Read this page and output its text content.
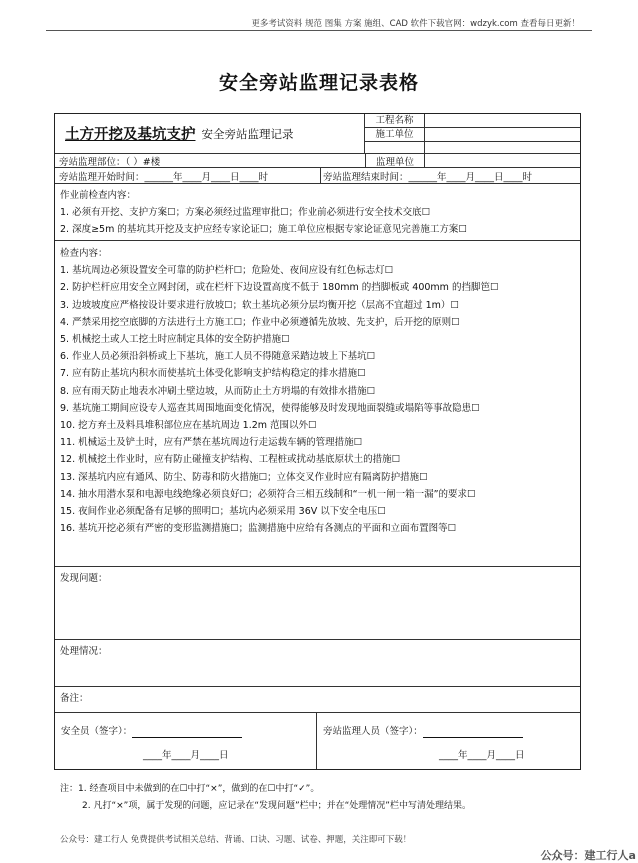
更多考试资料 规范 图集 方案 施组、CAD 软件下载官网：wdzyk.com 查看每日更新！
安全旁站监理记录表格
土方开挖及基坑支护 安全旁站监理记录
工程名称
施工单位
旁站监理部位：（ ）#楼	监理单位
旁站监理开始时间：______年____月____日____时	旁站监理结束时间：______年____月____日____时
作业前检查内容：
1. 必须有开挖、支护方案☐；方案必须经过监理审批☐；作业前必须进行安全技术交底☐
2. 深度≥5m 的基坑其开挖及支护应经专家论证☐；施工单位应根据专家论证意见完善施工方案☐
检查内容：
1. 基坑周边必须设置安全可靠的防护栏杆☐；危险处、夜间应设有红色标志灯☐
2. 防护栏杆应用安全立网封闭，或在栏杆下边设置高度不低于 180mm 的挡脚板或 400mm 的挡脚笆☐
3. 边坡坡度应严格按设计要求进行放坡☐；软土基坑必须分层均衡开挖（层高不宜超过 1m）☐
4. 严禁采用挖空底脚的方法进行土方施工☐；作业中必须遵循先放坡、先支护，后开挖的原则☐
5. 机械挖土或人工挖土时应制定具体的安全防护措施☐
6. 作业人员必须沿斜桥或上下基坑，施工人员不得随意采踏边坡上下基坑☐
7. 应有防止基坑内积水而使基坑土体受化影响支护结构稳定的排水措施☐
8. 应有雨天防止地表水冲刷土壁边坡，从而防止土方坍塌的有效排水措施☐
9. 基坑施工期间应设专人巡查其周围地面变化情况，使得能够及时发现地面裂缝或塌陷等事故隐患☐
10. 挖方弃土及料具堆积部位应在基坑周边 1.2m 范围以外☐
11. 机械运土及铲土时，应有严禁在基坑周边行走运载车辆的管理措施☐
12. 机械挖土作业时，应有防止碰撞支护结构、工程桩或扰动基底原状土的措施☐
13. 深基坑内应有通风、防尘、防毒和防火措施☐；立体交叉作业时应有隔离防护措施☐
14. 抽水用潜水泵和电源电线绝缘必须良好☐；必须符合三相五线制和“一机一闸一箱一漏”的要求☐
15. 夜间作业必须配备有足够的照明☐；基坑内必须采用 36V 以下安全电压☐
16. 基坑开挖必须有严密的变形监测措施☐；监测措施中应给有各测点的平面和立面布置图等☐
发现问题：
处理情况：
备注：
安全员（签字）：
____年____月____日
旁站监理人员（签字）：
____年____月____日
注：1. 经查项目中未做到的在☐中打“×”，做到的在☐中打“✓”。
2. 凡打“×”项，属于发现的问题，应记录在“发现问题”栏中；并在“处理情况”栏中写清处理结果。
公众号：建工行人 免费提供考试相关总结、背诵、口诀、习题、试卷、押题，关注即可下载！
公众号：建工行人a
